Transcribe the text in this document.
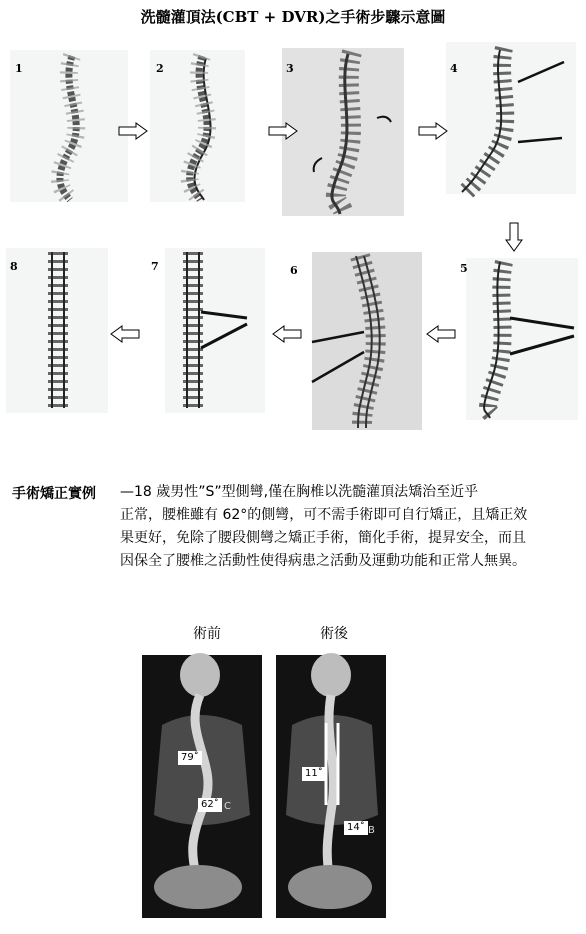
洗髓灌頂法(CBT + DVR)之手術步驟示意圖
1	2	3	4
8	7	6	5
手術矯正實例 —18 歲男性”S”型側彎,僅在胸椎以洗髓灌頂法矯治至近乎
正常，腰椎雖有 62°的側彎，可不需手術即可自行矯正，且矯正效果更好，免除了腰段側彎之矯正手術，簡化手術，提昇安全，而且因保全了腰椎之活動性使得病患之活動及運動功能和正常人無異。
術前	術後
79˚
62˚ C
11˚
14˚ B
